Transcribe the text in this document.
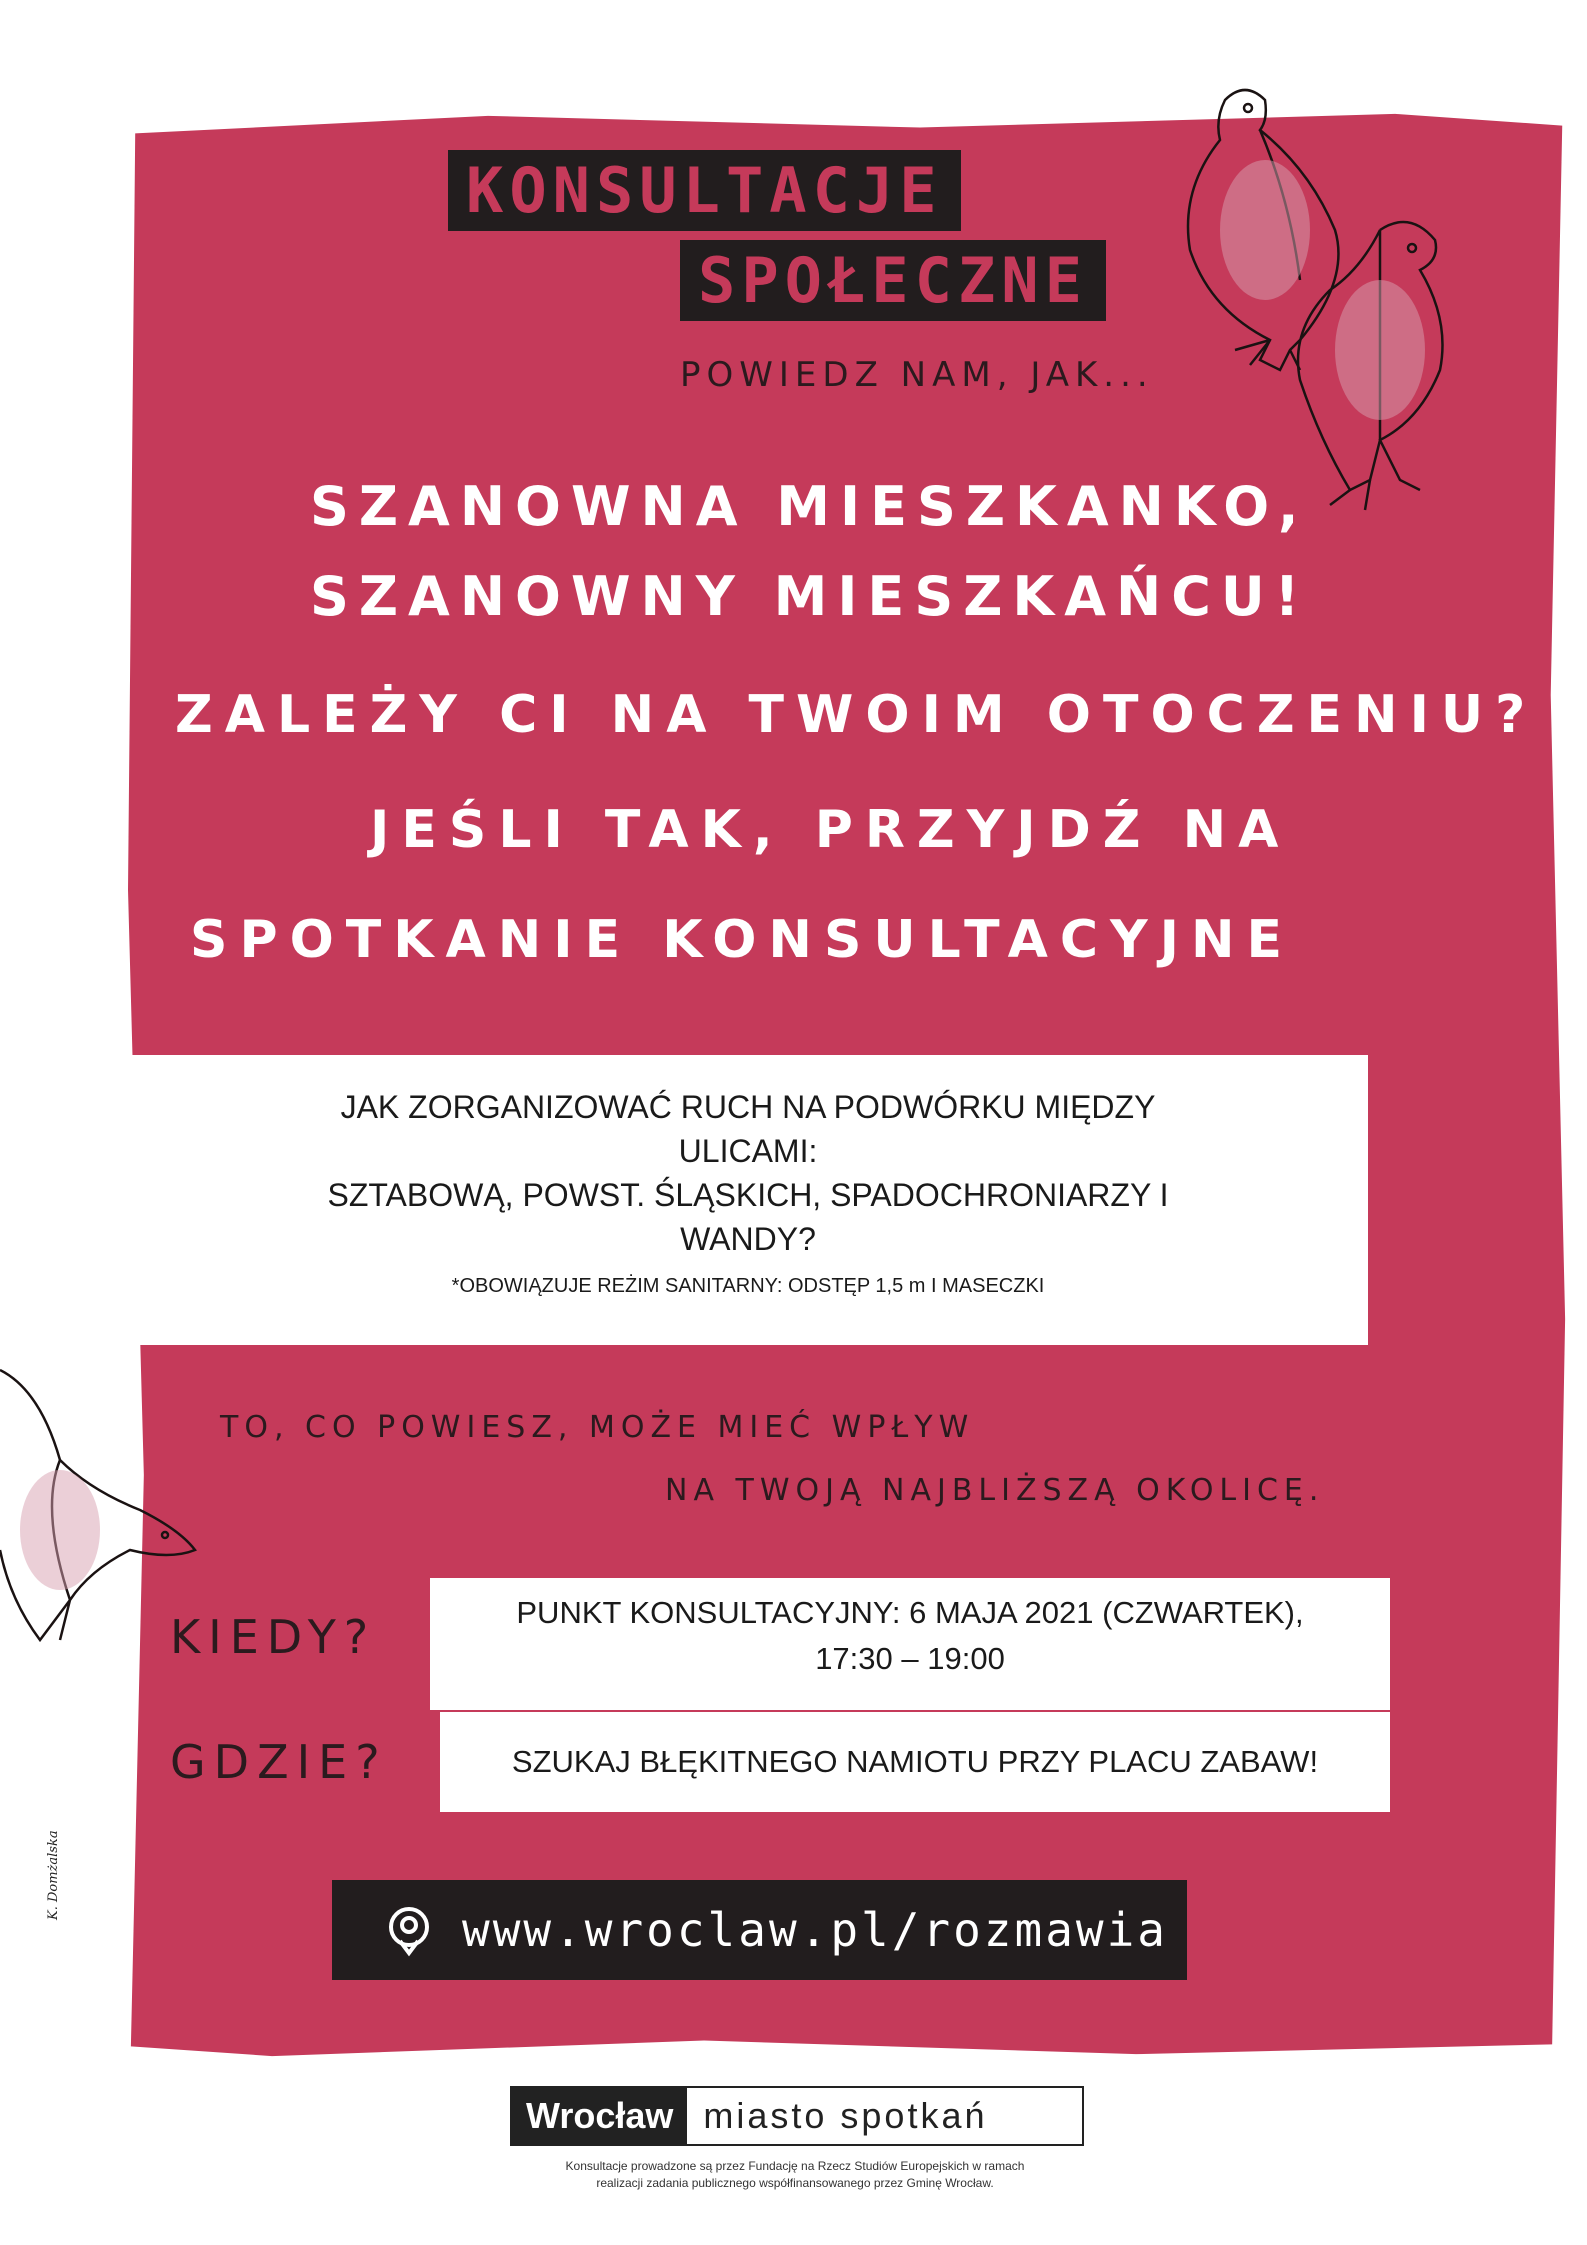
KONSULTACJE
SPOŁECZNE
POWIEDZ NAM, JAK...
SZANOWNA MIESZKANKO,
SZANOWNY MIESZKAŃCU!
ZALEŻY CI NA TWOIM OTOCZENIU?
JEŚLI TAK, PRZYJDŹ NA
SPOTKANIE KONSULTACYJNE

JAK ZORGANIZOWAĆ RUCH NA PODWÓRKU MIĘDZY

ULICAMI:

SZTABOWĄ, POWST. ŚLĄSKICH, SPADOCHRONIARZY I

WANDY?

*OBOWIĄZUJE REŻIM SANITARNY: ODSTĘP 1,5 m I MASECZKI

TO, CO POWIESZ, MOŻE MIEĆ WPŁYW
NA TWOJĄ NAJBLIŻSZĄ OKOLICĘ.
KIEDY?	PUNKT KONSULTACYJNY: 6 MAJA 2021 (CZWARTEK),

17:30 – 19:00

GDZIE?	SZUKAJ BŁĘKITNEGO NAMIOTU PRZY PLACU ZABAW!

www.wroclaw.pl/rozmawia
K. Domżalska
Wrocław miasto spotkań
Konsultacje prowadzone są przez Fundację na Rzecz Studiów Europejskich w ramach
realizacji zadania publicznego współfinansowanego przez Gminę Wrocław.
